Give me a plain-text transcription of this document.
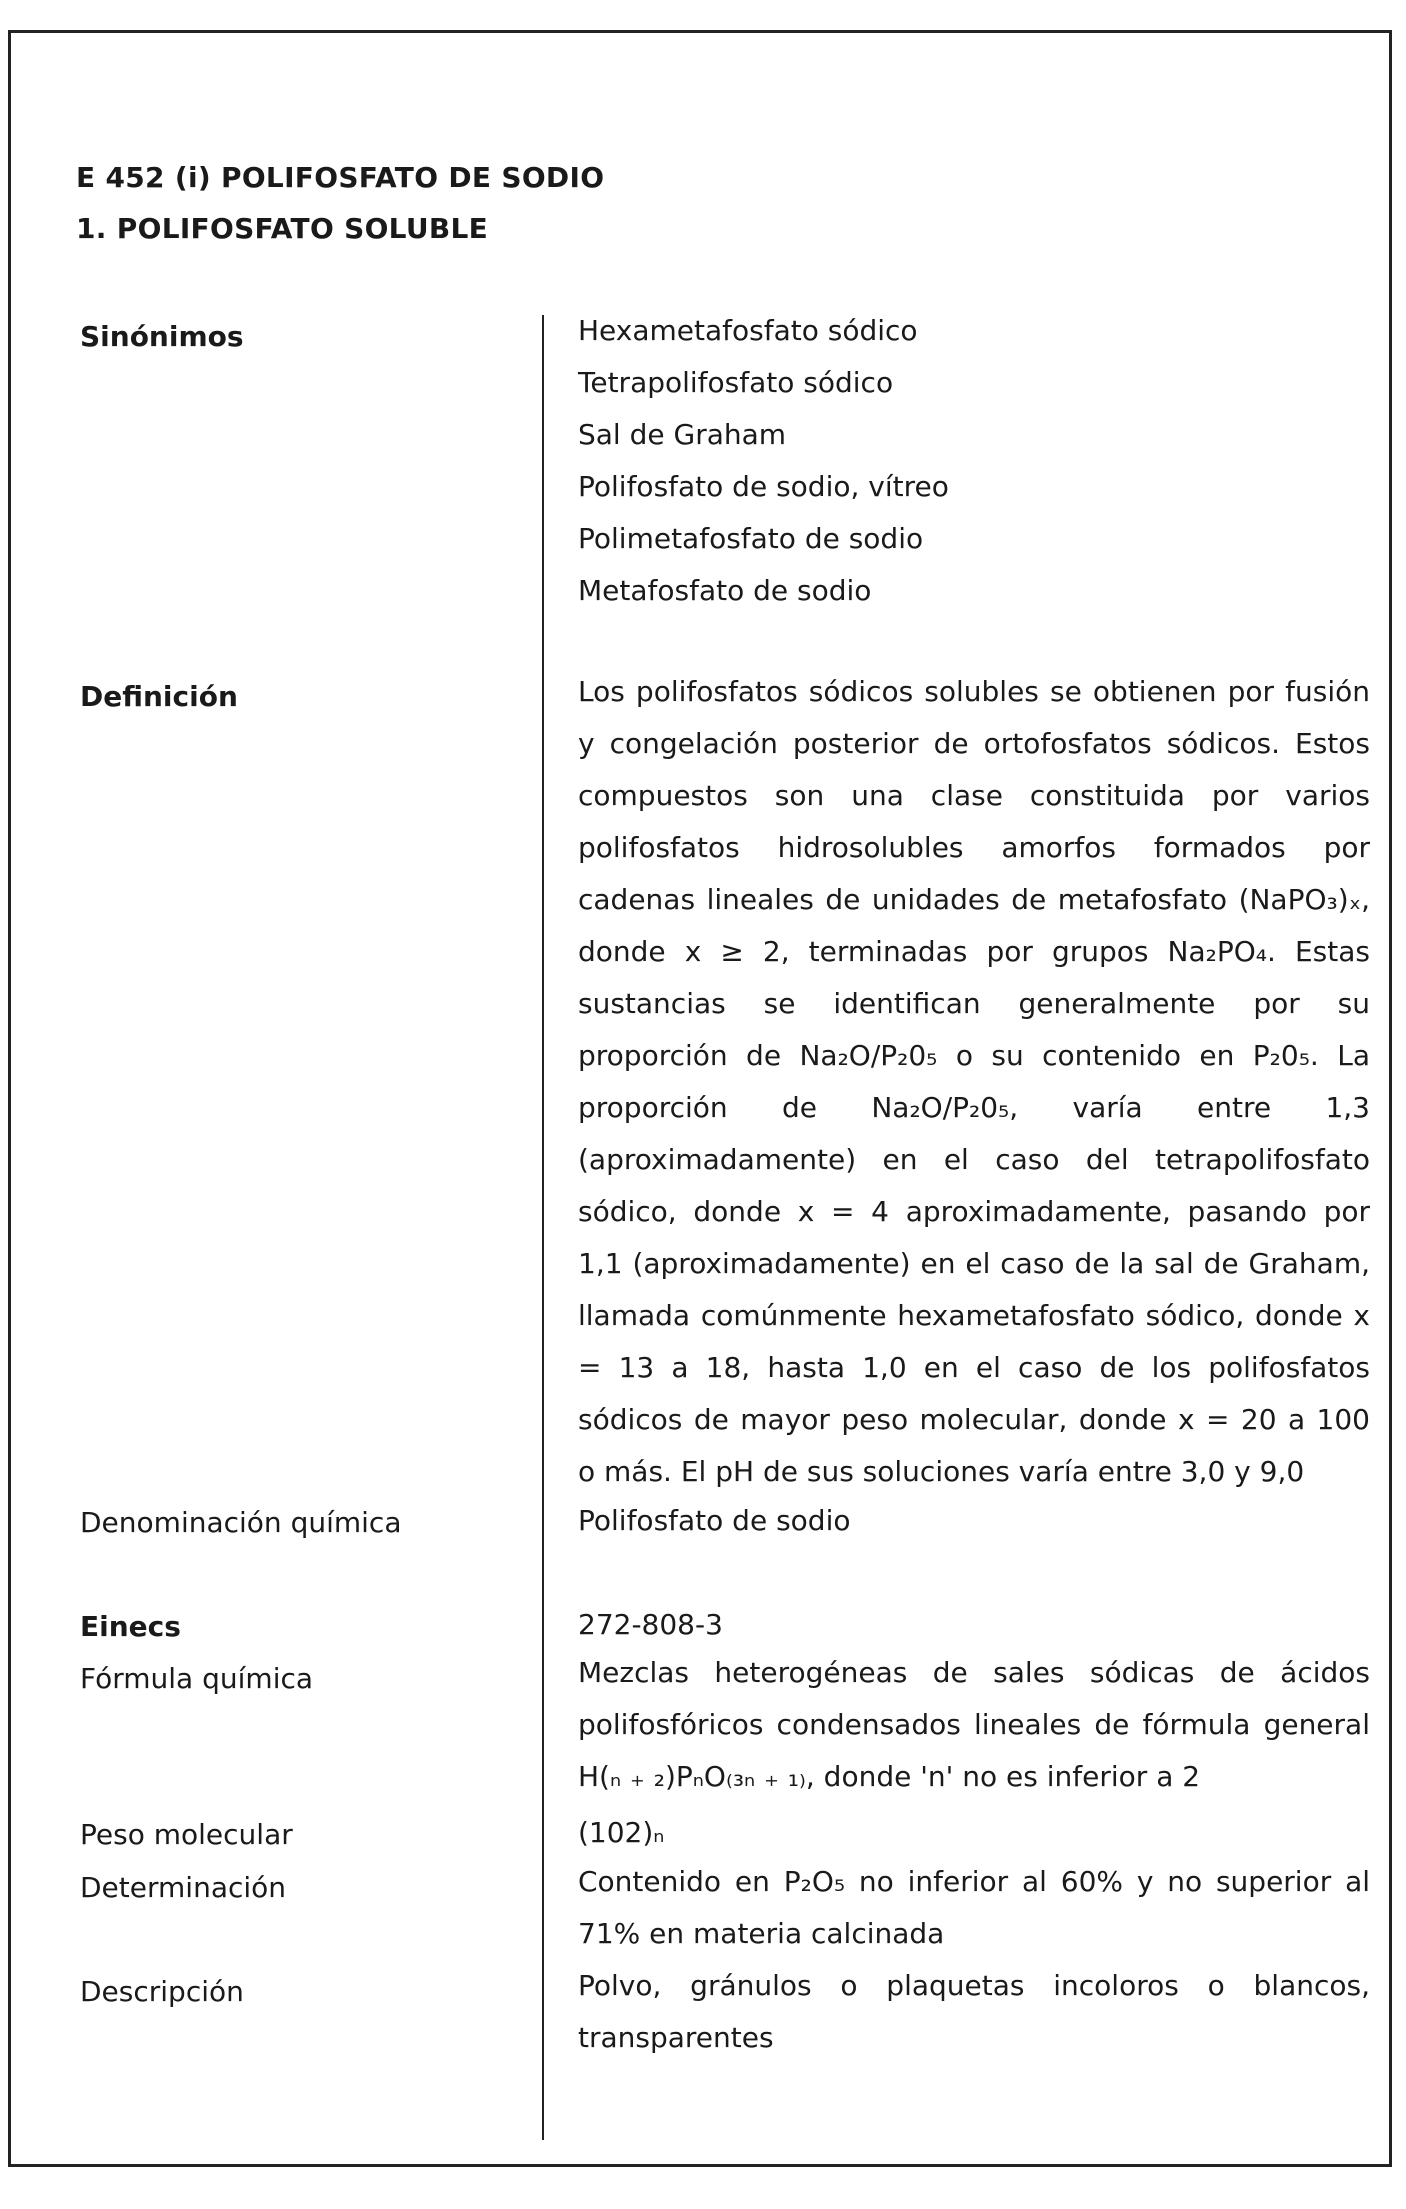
E 452 (i) POLIFOSFATO DE SODIO
1. POLIFOSFATO SOLUBLE
Sinónimos	Hexametafosfato sódico
Tetrapolifosfato sódico
Sal de Graham
Polifosfato de sodio, vítreo
Polimetafosfato de sodio
Metafosfato de sodio
Definición	Los polifosfatos sódicos solubles se obtienen por fusión
y congelación posterior de ortofosfatos sódicos. Estos
compuestos son una clase constituida por varios
polifosfatos hidrosolubles amorfos formados por
cadenas lineales de unidades de metafosfato (NaPO₃)ₓ,
donde x ≥ 2, terminadas por grupos Na₂PO₄. Estas
sustancias se identifican generalmente por su
proporción de Na₂O/P₂0₅ o su contenido en P₂0₅. La
proporción de Na₂O/P₂0₅, varía entre 1,3
(aproximadamente) en el caso del tetrapolifosfato
sódico, donde x = 4 aproximadamente, pasando por
1,1 (aproximadamente) en el caso de la sal de Graham,
llamada comúnmente hexametafosfato sódico, donde x
= 13 a 18, hasta 1,0 en el caso de los polifosfatos
sódicos de mayor peso molecular, donde x = 20 a 100
o más. El pH de sus soluciones varía entre 3,0 y 9,0
Denominación química	Polifosfato de sodio
Einecs	272-808-3
Fórmula química	Mezclas heterogéneas de sales sódicas de ácidos
polifosfóricos condensados lineales de fórmula general
H(ₙ ₊ ₂)PₙO₍₃ₙ ₊ ₁₎, donde 'n' no es inferior a 2
Peso molecular	(102)ₙ
Determinación	Contenido en P₂O₅ no inferior al 60% y no superior al
71% en materia calcinada
Descripción	Polvo, gránulos o plaquetas incoloros o blancos,
transparentes
